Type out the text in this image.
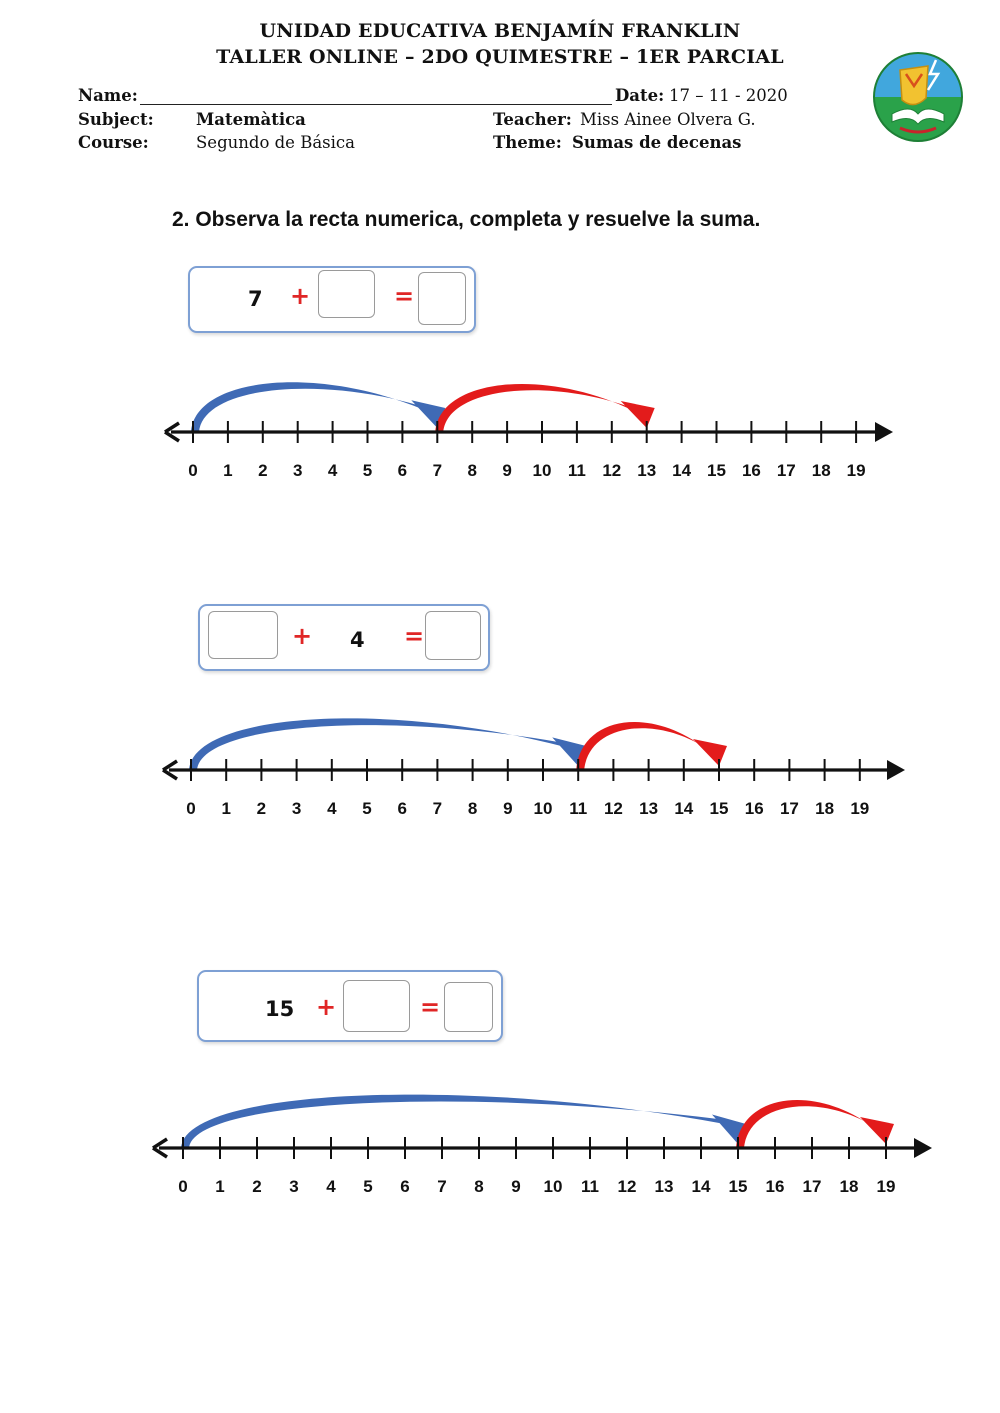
UNIDAD EDUCATIVA BENJAMÍN FRANKLIN
TALLER ONLINE – 2DO QUIMESTRE – 1ER PARCIAL
Name:	Date: 17 – 11 - 2020
Subject:	Matemàtica	Teacher: Miss Ainee Olvera G.
Course:	Segundo de Básica	Theme: Sumas de decenas
2. Observa la recta numerica, completa y resuelve la suma.
7 +	=
0 1 2 3 4 5 6 7 8 9 10 11 12 13 14 15 16 17 18 19
+ 4 =
0 1 2 3 4 5 6 7 8 9 10 11 12 13 14 15 16 17 18 19
15 +	=
0 1 2 3 4 5 6 7 8 9 10 11 12 13 14 15 16 17 18 19
